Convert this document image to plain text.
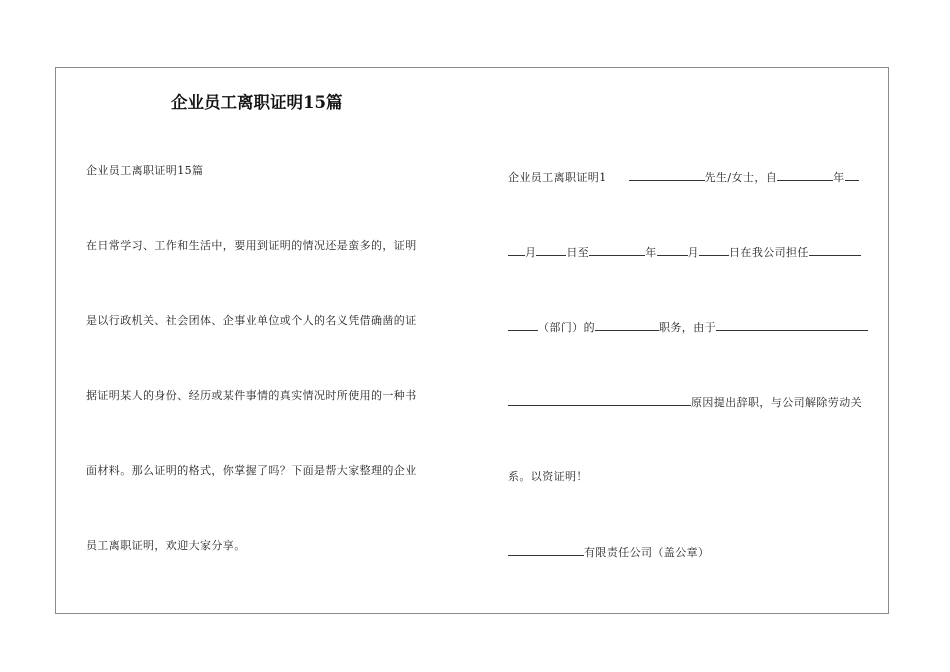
企业员工离职证明15篇
企业员工离职证明15篇
在日常学习、工作和生活中，要用到证明的情况还是蛮多的，证明
是以行政机关、社会团体、企事业单位或个人的名义凭借确凿的证
据证明某人的身份、经历或某件事情的真实情况时所使用的一种书
面材料。那么证明的格式，你掌握了吗？下面是帮大家整理的企业
员工离职证明，欢迎大家分享。
企业员工离职证明1	先生/女士，自	年
月	日至	年	月	日在我公司担任
（部门）的	职务，由于
原因提出辞职，与公司解除劳动关
系。以资证明！
有限责任公司（盖公章）
